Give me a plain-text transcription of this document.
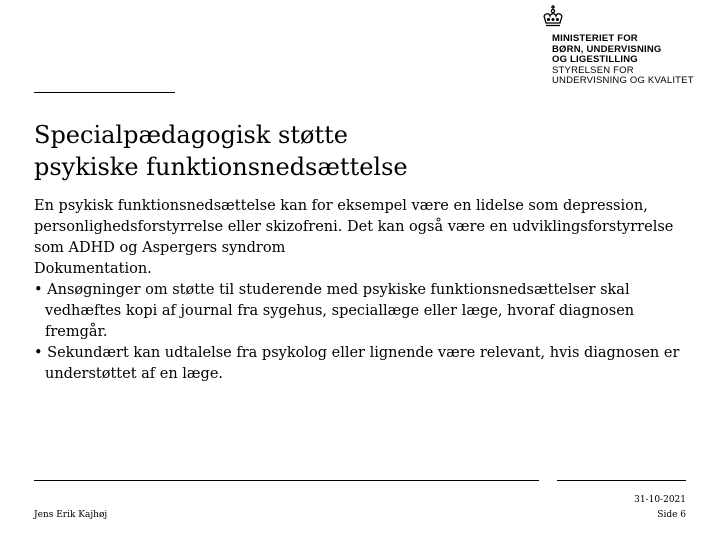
MINISTERIET FOR
BØRN, UNDERVISNING
OG LIGESTILLING
STYRELSEN FOR
UNDERVISNING OG KVALITET
Specialpædagogisk støtte
psykiske funktionsnedsættelse

En psykisk funktionsnedsættelse kan for eksempel være en lidelse som depression, personlighedsforstyrrelse eller skizofreni. Det kan også være en udviklingsforstyrrelse som ADHD og Aspergers syndrom

Dokumentation.

• Ansøgninger om støtte til studerende med psykiske funktionsnedsættelser skal vedhæftes kopi af journal fra sygehus, speciallæge eller læge, hvoraf diagnosen fremgår.

• Sekundært kan udtalelse fra psykolog eller lignende være relevant, hvis diagnosen er understøttet af en læge.

Jens Erik Kajhøj
31-10-2021
Side 6
